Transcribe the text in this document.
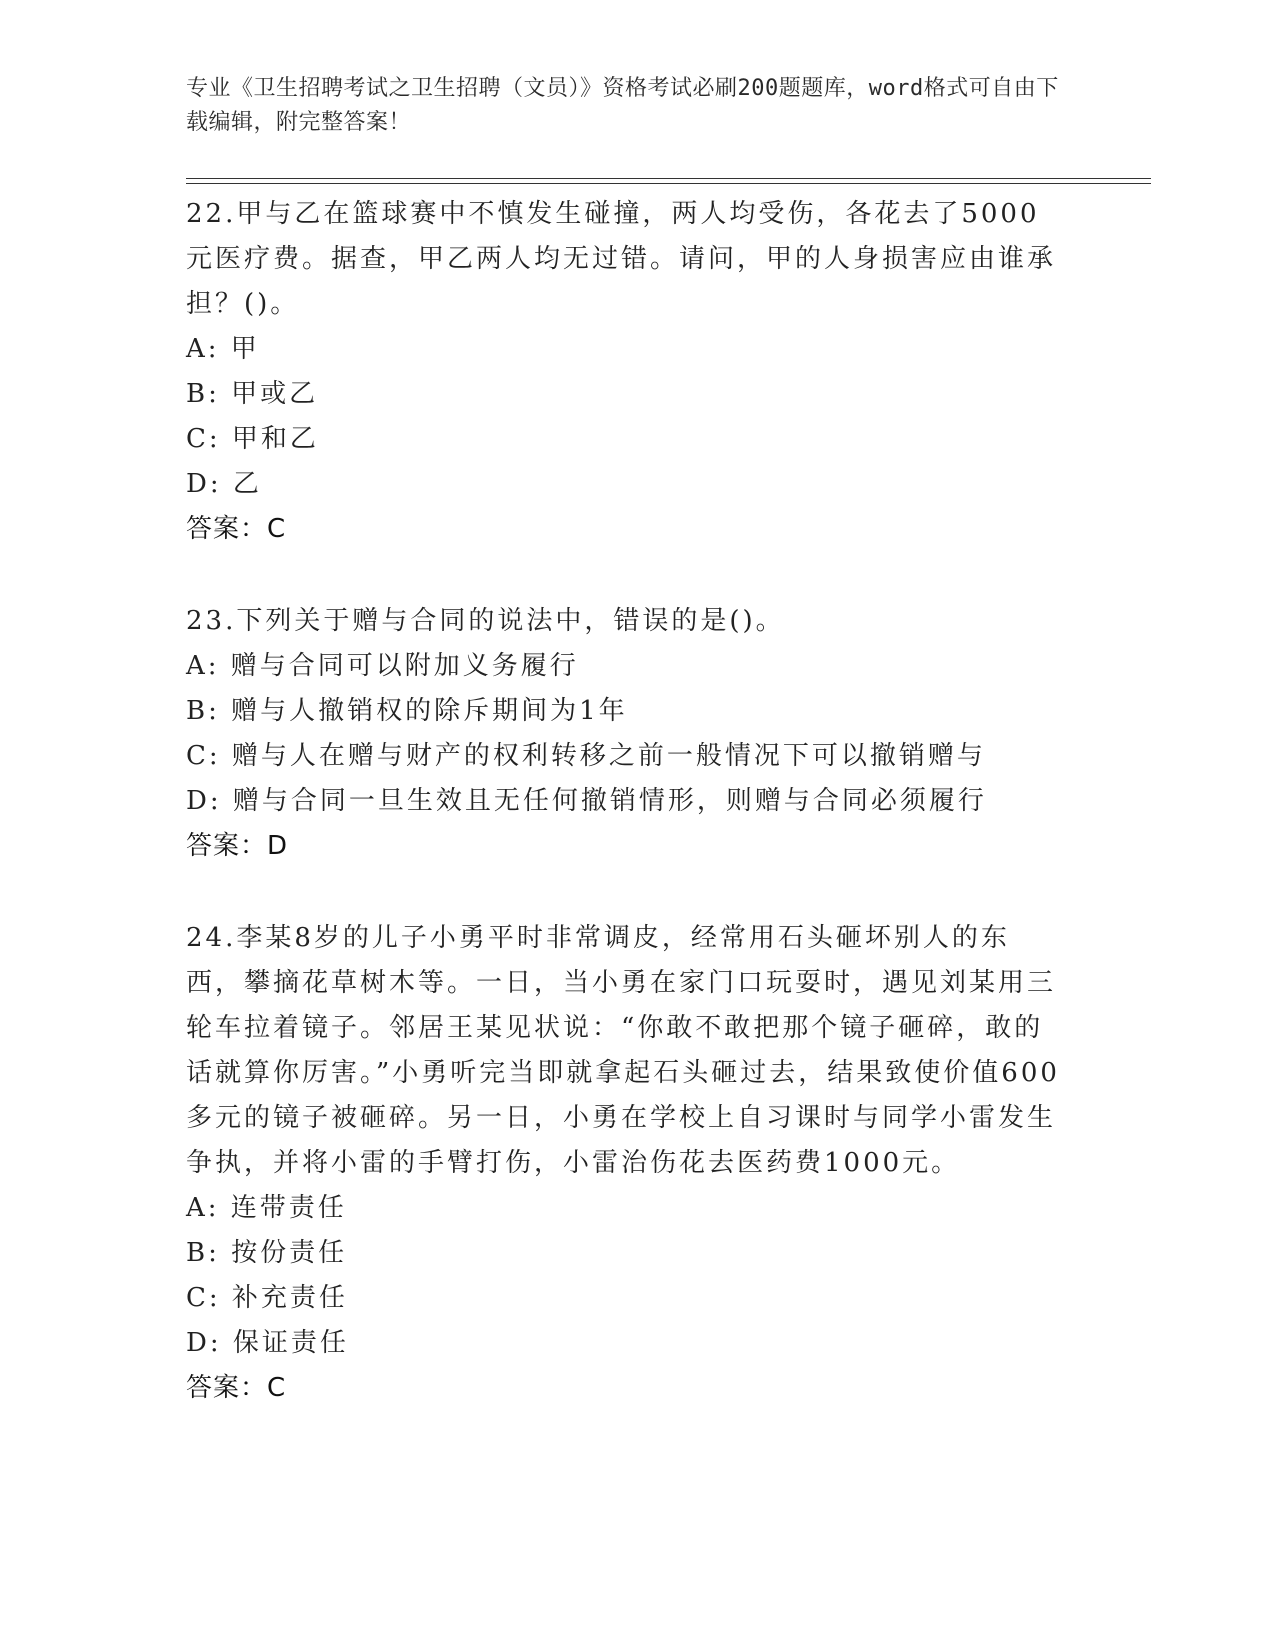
专业《卫生招聘考试之卫生招聘（文员）》资格考试必刷200题题库，word格式可自由下载编辑，附完整答案！
22.甲与乙在篮球赛中不慎发生碰撞，两人均受伤，各花去了5000元医疗费。据查，甲乙两人均无过错。请问，甲的人身损害应由谁承担？()。
A: 甲
B: 甲或乙
C: 甲和乙
D: 乙
答案：C
23.下列关于赠与合同的说法中，错误的是()。
A: 赠与合同可以附加义务履行
B: 赠与人撤销权的除斥期间为1年
C: 赠与人在赠与财产的权利转移之前一般情况下可以撤销赠与
D: 赠与合同一旦生效且无任何撤销情形，则赠与合同必须履行
答案：D
24.李某8岁的儿子小勇平时非常调皮，经常用石头砸坏别人的东西，攀摘花草树木等。一日，当小勇在家门口玩耍时，遇见刘某用三轮车拉着镜子。邻居王某见状说：“你敢不敢把那个镜子砸碎，敢的话就算你厉害。”小勇听完当即就拿起石头砸过去，结果致使价值600多元的镜子被砸碎。另一日，小勇在学校上自习课时与同学小雷发生争执，并将小雷的手臂打伤，小雷治伤花去医药费1000元。
A: 连带责任
B: 按份责任
C: 补充责任
D: 保证责任
答案：C
